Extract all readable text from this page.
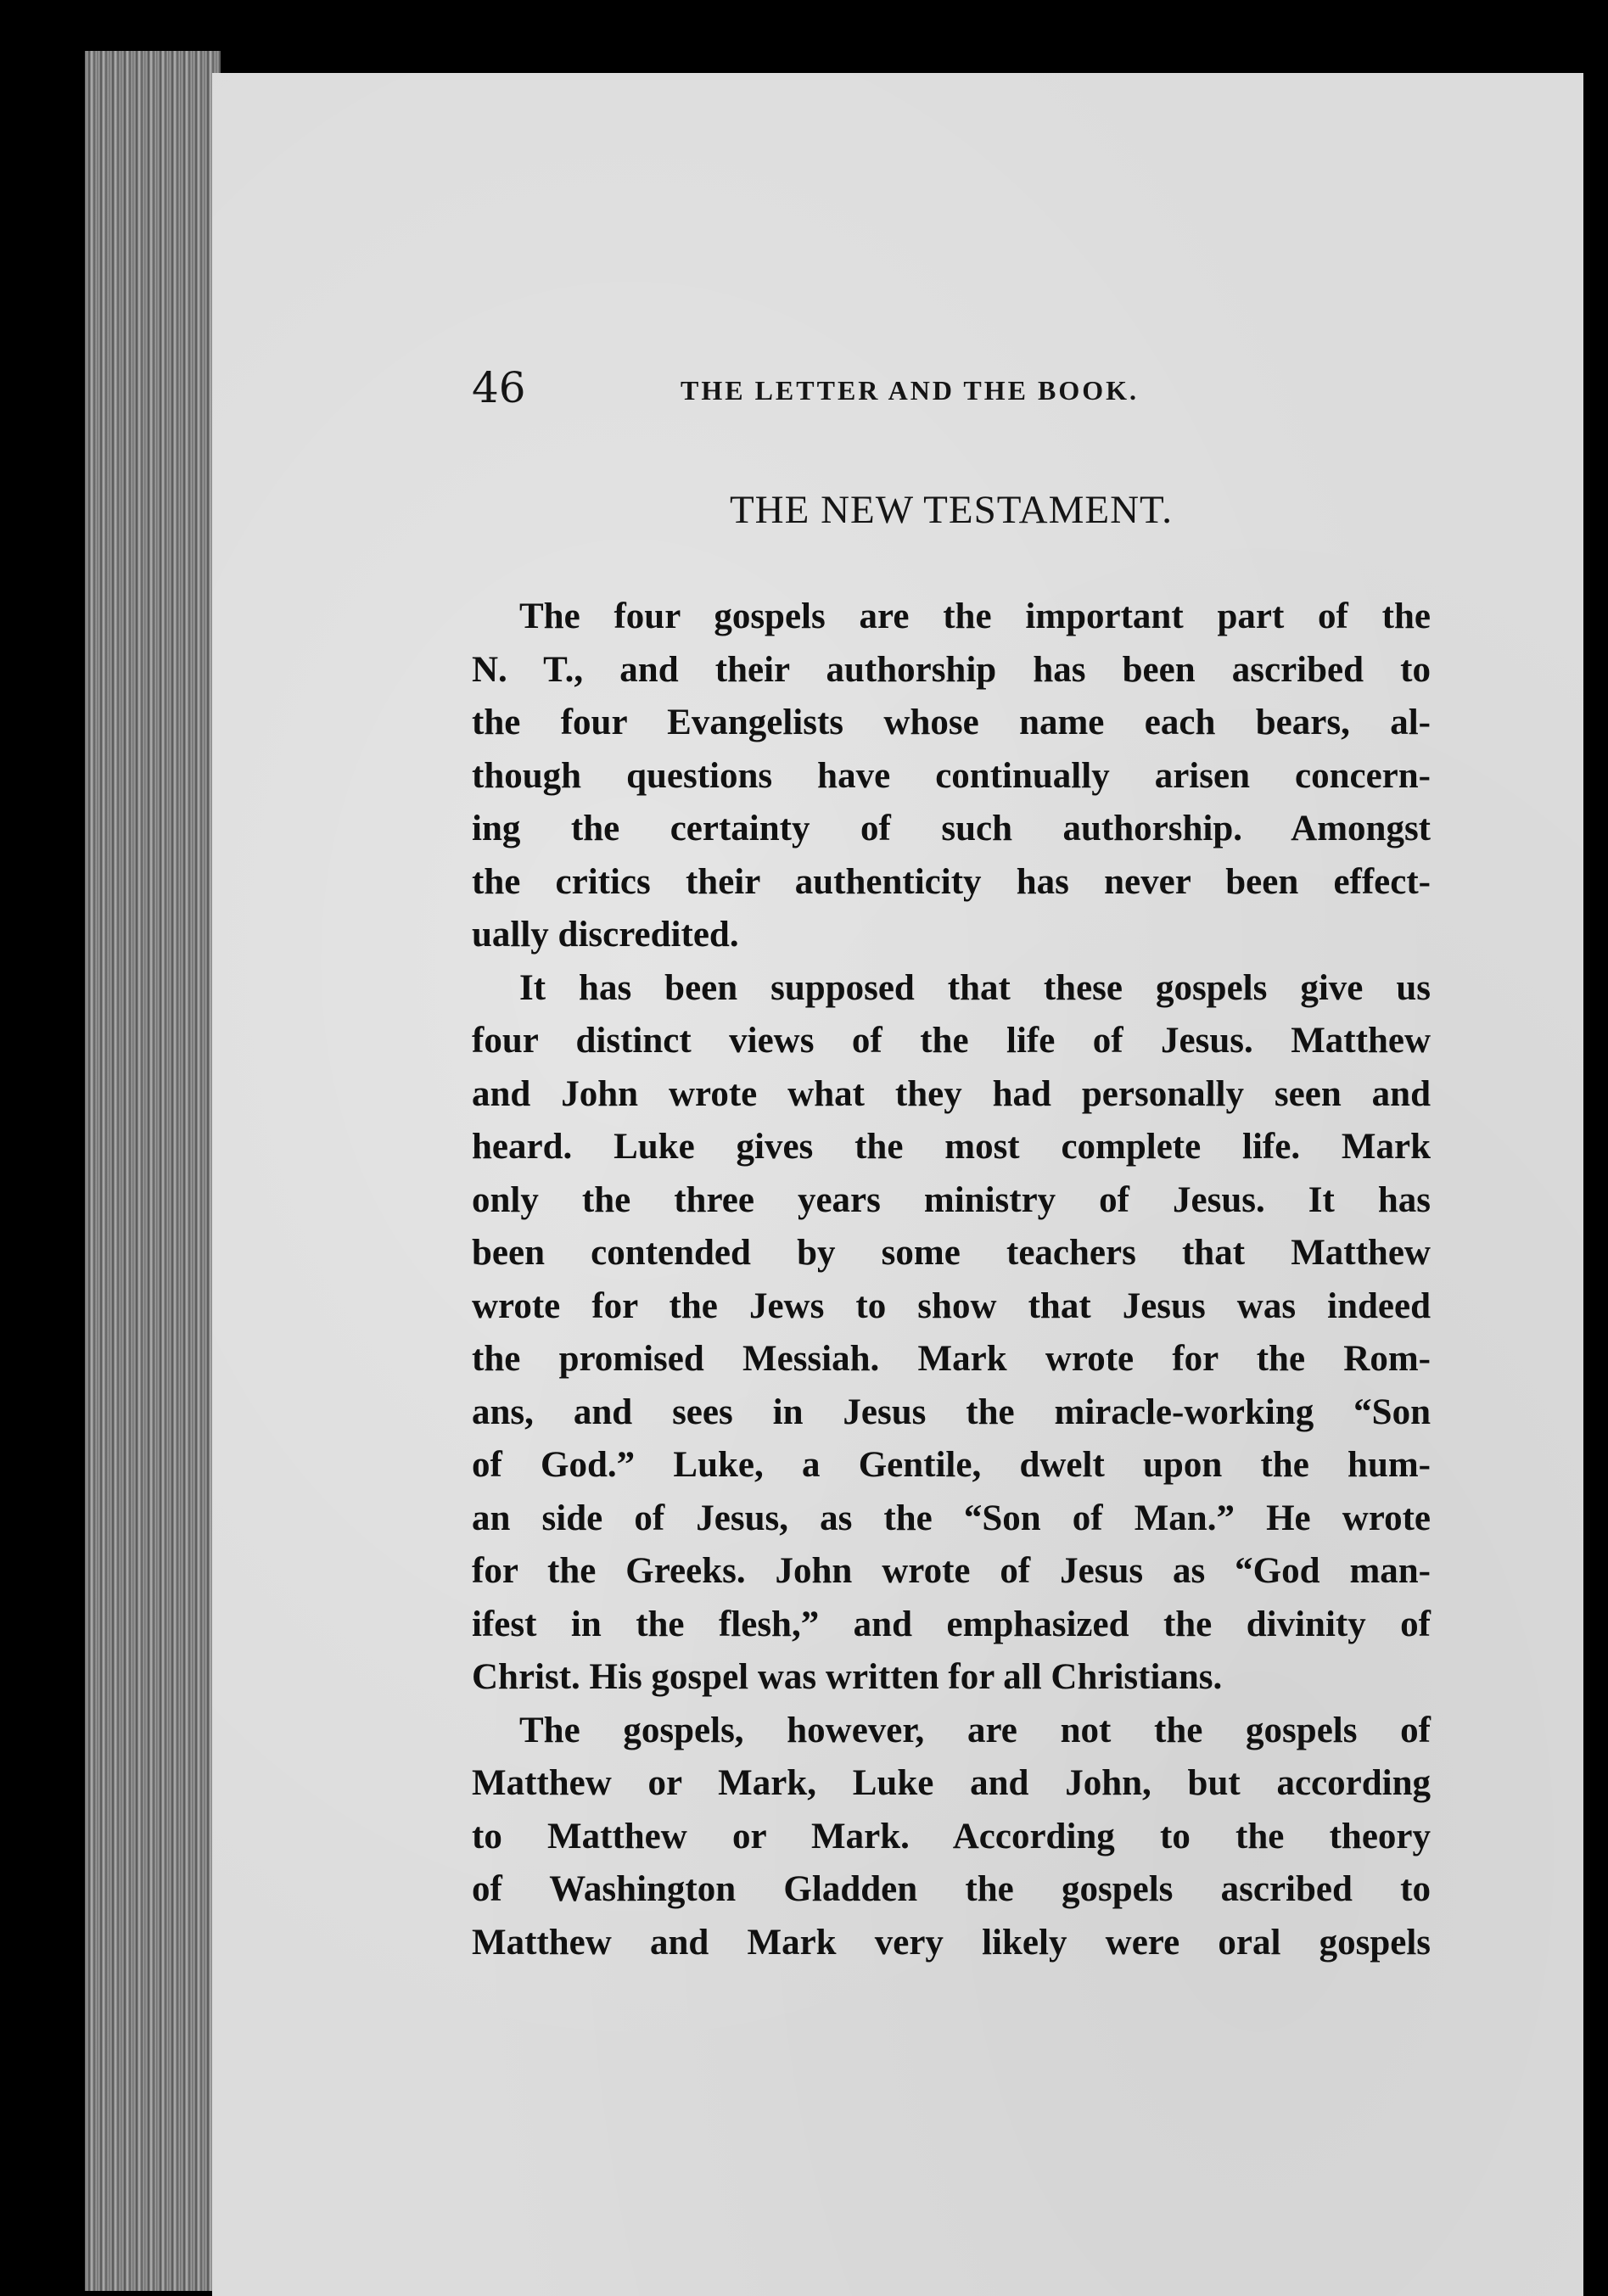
46	THE LETTER AND THE BOOK.
THE NEW TESTAMENT.

The four gospels are the important part of the
N. T., and their authorship has been ascribed to
the four Evangelists whose name each bears, al-
though questions have continually arisen concern-
ing the certainty of such authorship. Amongst
the critics their authenticity has never been effect-
ually discredited.

It has been supposed that these gospels give us
four distinct views of the life of Jesus. Matthew
and John wrote what they had personally seen and
heard. Luke gives the most complete life. Mark
only the three years ministry of Jesus. It has
been contended by some teachers that Matthew
wrote for the Jews to show that Jesus was indeed
the promised Messiah. Mark wrote for the Rom-
ans, and sees in Jesus the miracle-working “Son
of God.” Luke, a Gentile, dwelt upon the hum-
an side of Jesus, as the “Son of Man.” He wrote
for the Greeks. John wrote of Jesus as “God man-
ifest in the flesh,” and emphasized the divinity of
Christ. His gospel was written for all Christians.

The gospels, however, are not the gospels of
Matthew or Mark, Luke and John, but according
to Matthew or Mark. According to the theory
of Washington Gladden the gospels ascribed to
Matthew and Mark very likely were oral gospels
